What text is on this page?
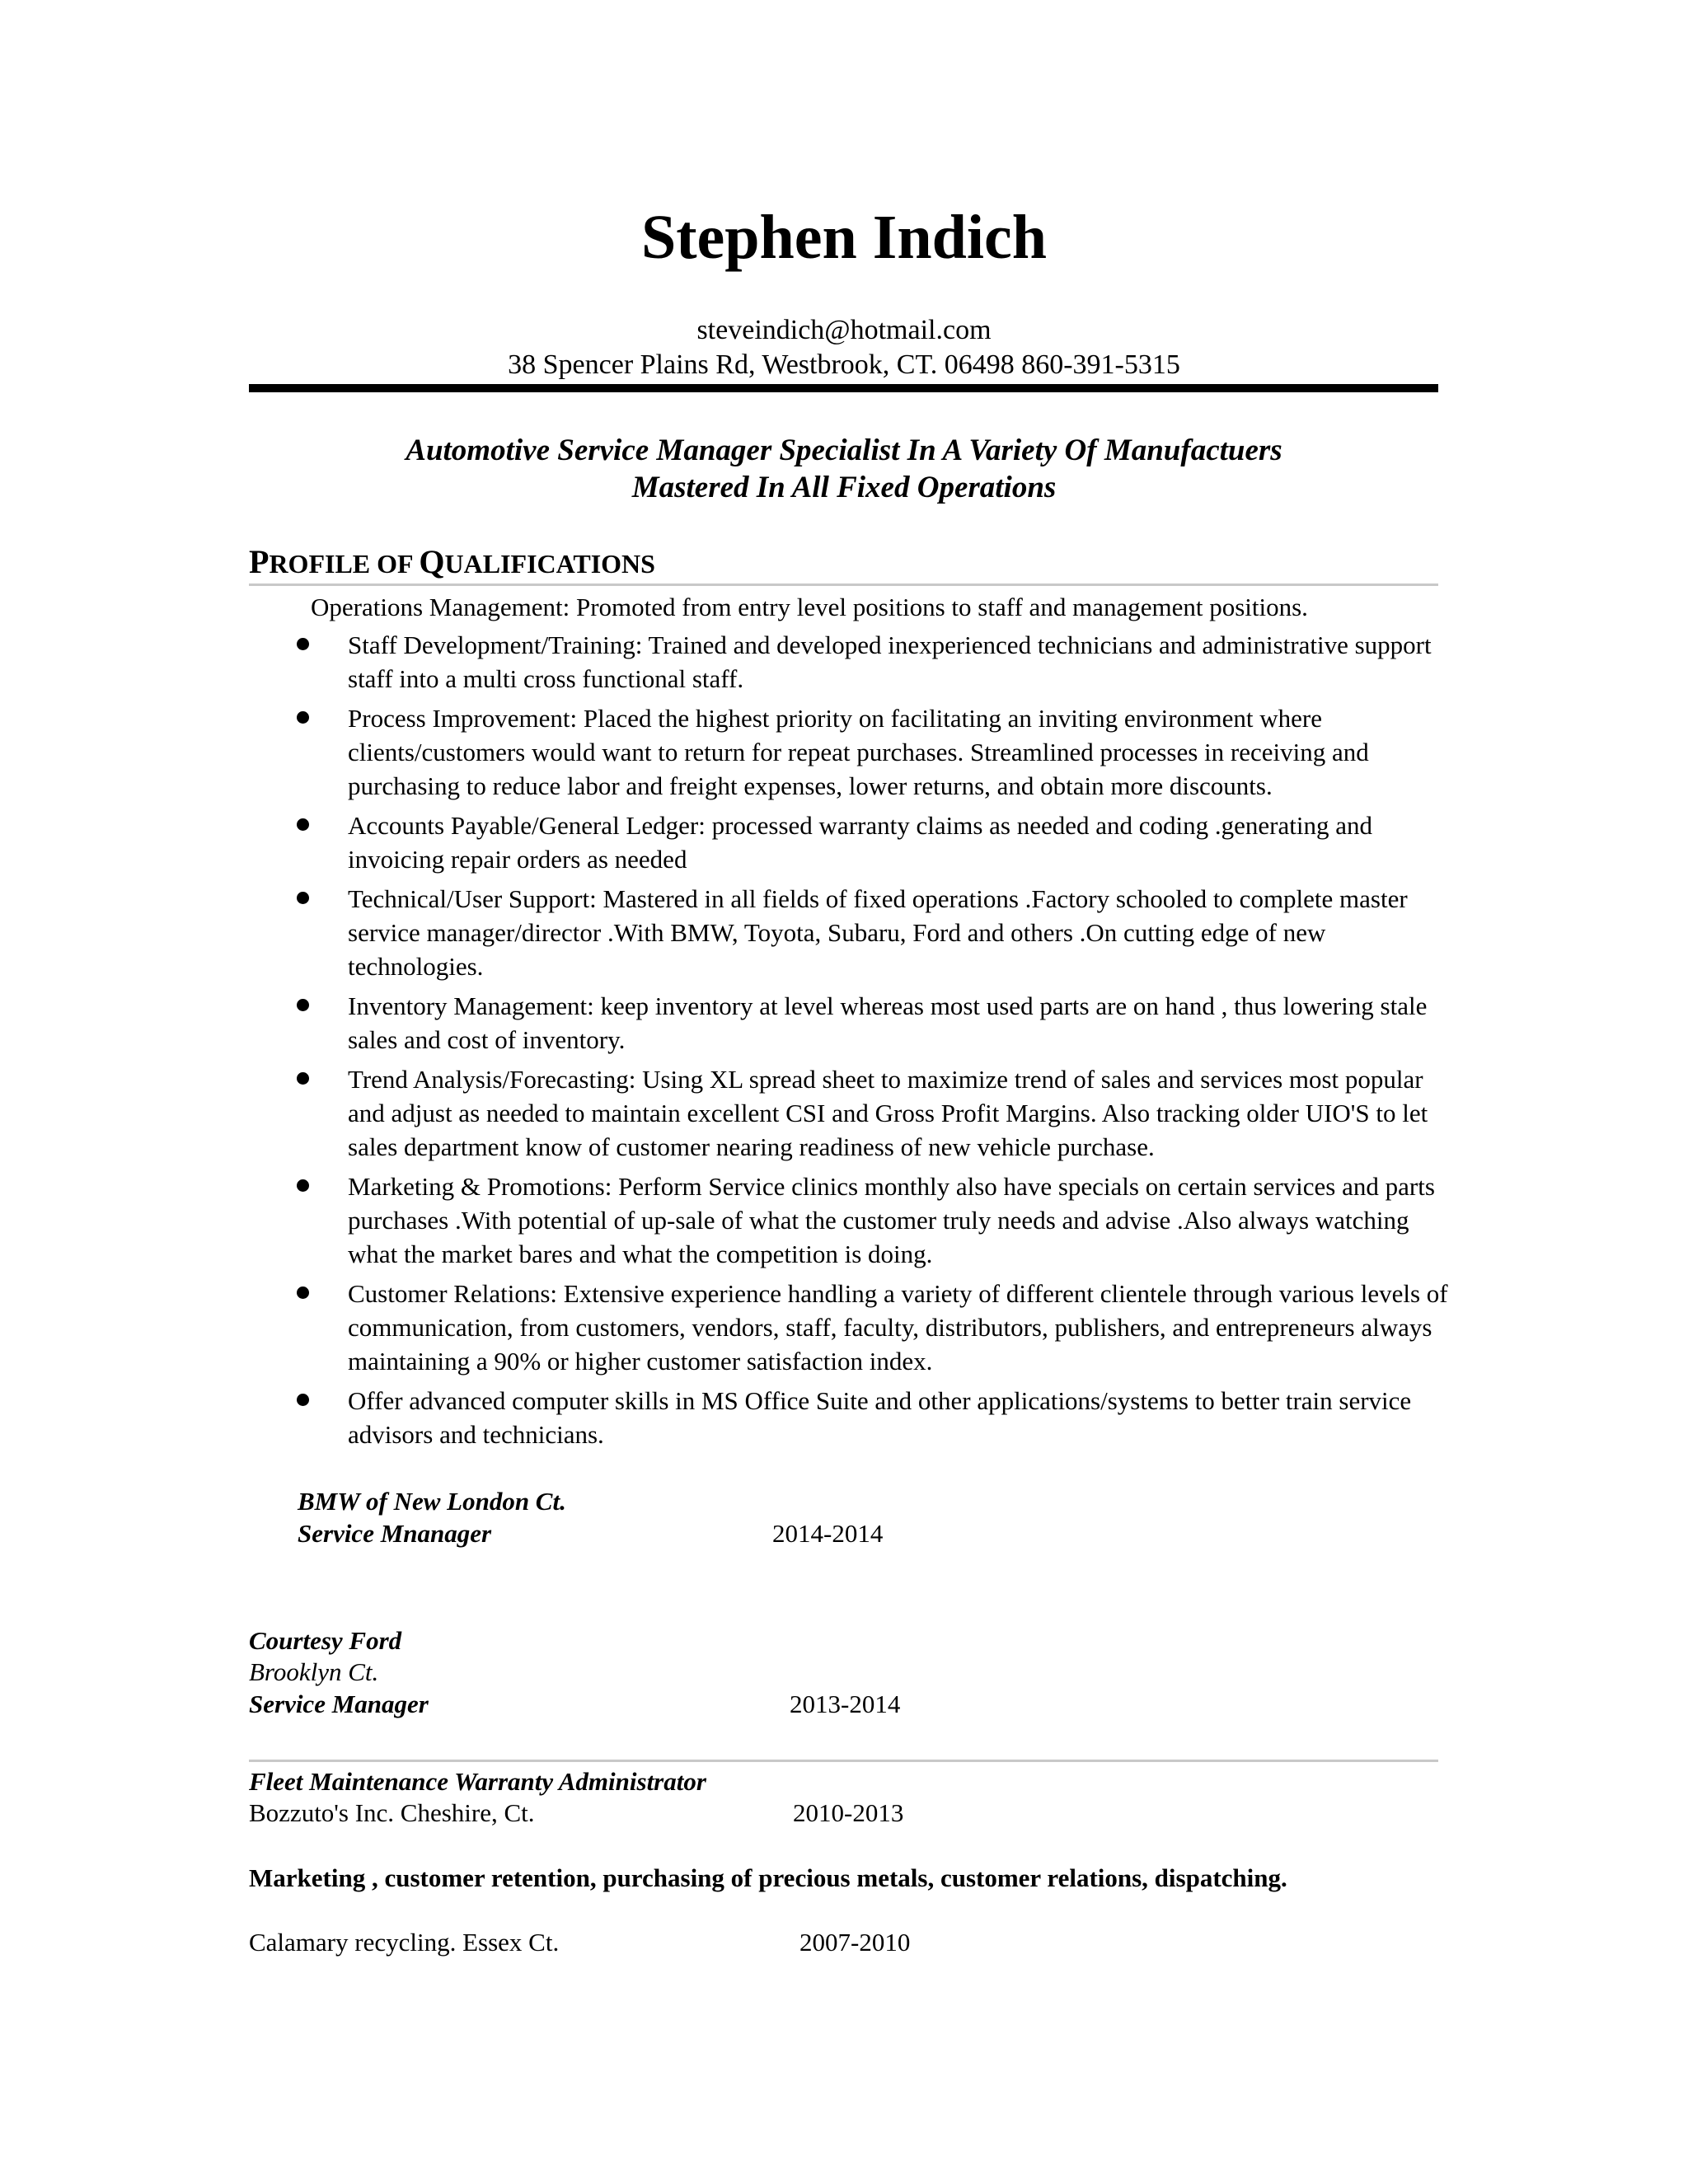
Stephen Indich
steveindich@hotmail.com
38 Spencer Plains Rd, Westbrook, CT. 06498 860-391-5315
Automotive Service Manager Specialist In A Variety Of Manufactuers
Mastered In All Fixed Operations
PROFILE OF QUALIFICATIONS
Operations Management: Promoted from entry level positions to staff and management positions.
Staff Development/Training: Trained and developed inexperienced technicians and administrative support staff into a multi cross functional staff.
Process Improvement: Placed the highest priority on facilitating an inviting environment where clients/customers would want to return for repeat purchases. Streamlined processes in receiving and purchasing to reduce labor and freight expenses, lower returns, and obtain more discounts.
Accounts Payable/General Ledger: processed warranty claims as needed and coding .generating and invoicing repair orders as needed
Technical/User Support: Mastered in all fields of fixed operations .Factory schooled to complete master service manager/director .With BMW, Toyota, Subaru, Ford and others .On cutting edge of new technologies.
Inventory Management: keep inventory at level whereas most used parts are on hand , thus lowering stale sales and cost of inventory.
Trend Analysis/Forecasting: Using XL spread sheet to maximize trend of sales and services most popular and adjust as needed to maintain excellent CSI and Gross Profit Margins. Also tracking older UIO'S to let sales department know of customer nearing readiness of new vehicle purchase.
Marketing & Promotions: Perform Service clinics monthly also have specials on certain services and parts purchases .With potential of up-sale of what the customer truly needs and advise .Also always watching what the market bares and what the competition is doing.
Customer Relations: Extensive experience handling a variety of different clientele through various levels of communication, from customers, vendors, staff, faculty, distributors, publishers, and entrepreneurs always maintaining a 90% or higher customer satisfaction index.
Offer advanced computer skills in MS Office Suite and other applications/systems to better train service advisors and technicians.
BMW of New London Ct.
Service Mnanager	2014-2014
Courtesy Ford
Brooklyn Ct.
Service Manager	2013-2014
Fleet Maintenance Warranty Administrator
Bozzuto's Inc. Cheshire, Ct.	2010-2013
Marketing , customer retention, purchasing of precious metals, customer relations, dispatching.
Calamary recycling. Essex Ct.	2007-2010
